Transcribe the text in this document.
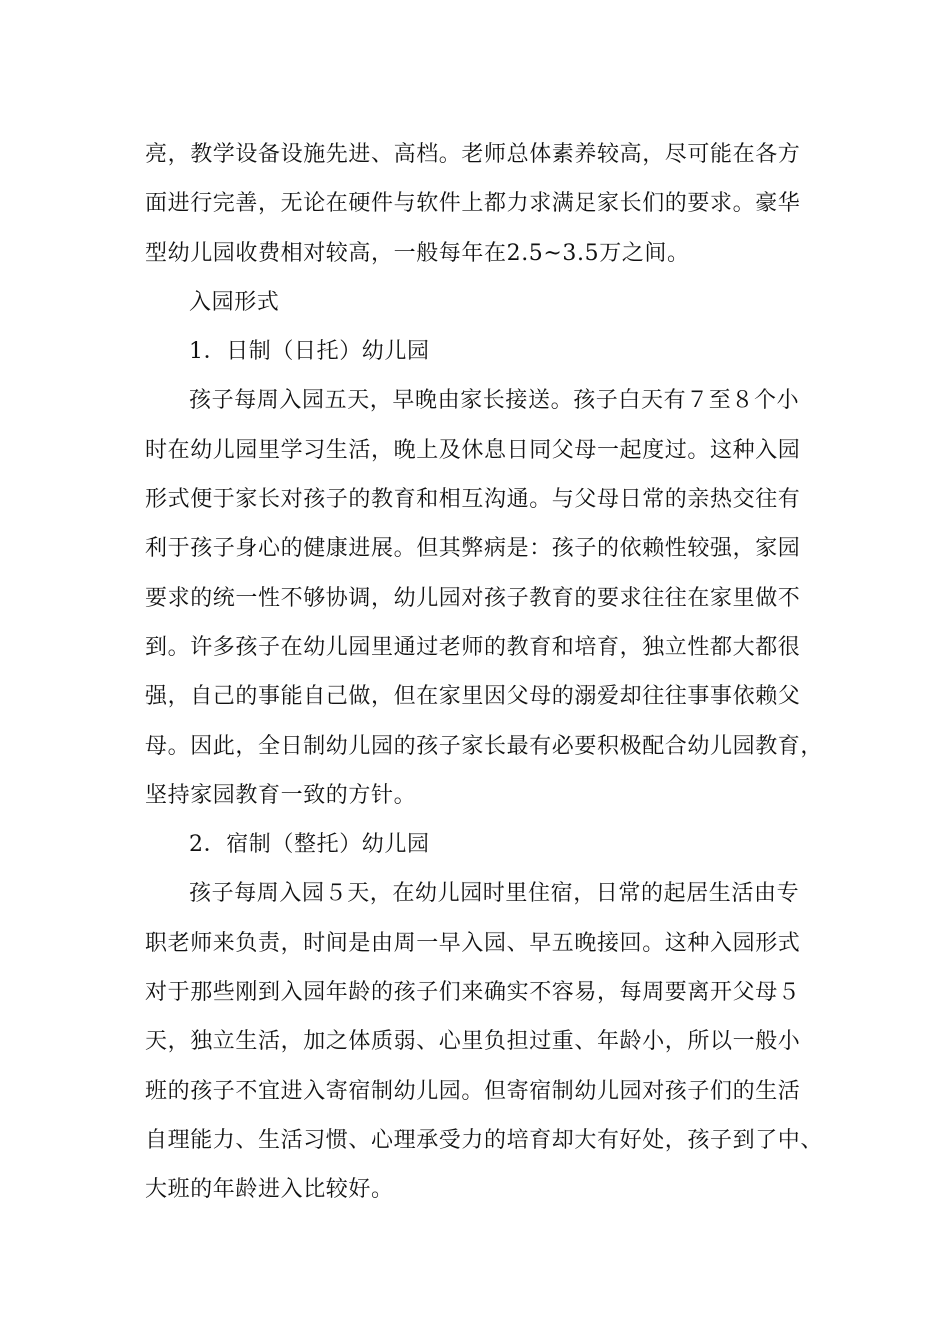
亮，教学设备设施先进、高档。老师总体素养较高，尽可能在各方
面进行完善，无论在硬件与软件上都力求满足家长们的要求。豪华
型幼儿园收费相对较高，一般每年在2.5~3.5万之间。
入园形式
1．日制（日托）幼儿园
孩子每周入园五天，早晚由家长接送。孩子白天有７至８个小
时在幼儿园里学习生活，晚上及休息日同父母一起度过。这种入园
形式便于家长对孩子的教育和相互沟通。与父母日常的亲热交往有
利于孩子身心的健康进展。但其弊病是：孩子的依赖性较强，家园
要求的统一性不够协调，幼儿园对孩子教育的要求往往在家里做不
到。许多孩子在幼儿园里通过老师的教育和培育，独立性都大都很
强，自己的事能自己做，但在家里因父母的溺爱却往往事事依赖父
母。因此，全日制幼儿园的孩子家长最有必要积极配合幼儿园教育，
坚持家园教育一致的方针。
2．宿制（整托）幼儿园
孩子每周入园５天，在幼儿园时里住宿，日常的起居生活由专
职老师来负责，时间是由周一早入园、早五晚接回。这种入园形式
对于那些刚到入园年龄的孩子们来确实不容易，每周要离开父母５
天，独立生活，加之体质弱、心里负担过重、年龄小，所以一般小
班的孩子不宜进入寄宿制幼儿园。但寄宿制幼儿园对孩子们的生活
自理能力、生活习惯、心理承受力的培育却大有好处，孩子到了中、
大班的年龄进入比较好。
